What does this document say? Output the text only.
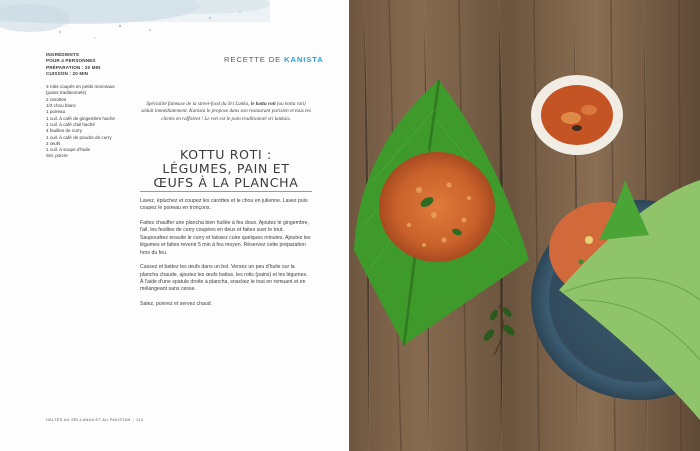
INGRÉDIENTS
POUR 4 PERSONNES
PRÉPARATION : 20 MIN
CUISSON : 20 MIN
3 rotis coupés en petits morceaux
(pains traditionnels)
2 carottes
1/2 chou blanc
1 poireau
1 cuil. à café de gingembre haché
1 cuil. à café d'ail haché
4 feuilles de curry
1 cuil. à café de poudre de curry
2 œufs
1 cuil. à soupe d'huile
Sel, poivre
RECETTE DE KANISTA
Spécialité fameuse de la street-food du Sri Lanka, le kottu roti (ou kottu roti) séduit immédiatement. Kanista le propose dans son restaurant parisien et tous les clients en raffolent ! Le roti est le pain traditionnel sri lankais.
KOTTU ROTI :
LÉGUMES, PAIN ET
ŒUFS À LA PLANCHA

Lavez, épluchez et coupez les carottes et le chou en julienne. Lavez puis coupez le poireau en tronçons.

Faites chauffer une plancha bien huilée à feu doux. Ajoutez le gingembre, l'ail, les feuilles de curry coupées en deux et faites suer le tout. Saupoudrez ensuite le curry et laissez cuire quelques minutes. Ajoutez les légumes et faites revenir 5 min à feu moyen. Réservez cette préparation hors du feu.

Cassez et battez les œufs dans un bol. Versez un peu d'huile sur la plancha chaude, ajoutez les œufs battus, les rotis (pains) et les légumes. À l'aide d'une spatule droite à plancha, snackez le tout en remuant et en mélangeant sans cesse.

Salez, poivrez et servez chaud.

HALTES AU SRI-LANKA ET AU PAKISTAN | 114
